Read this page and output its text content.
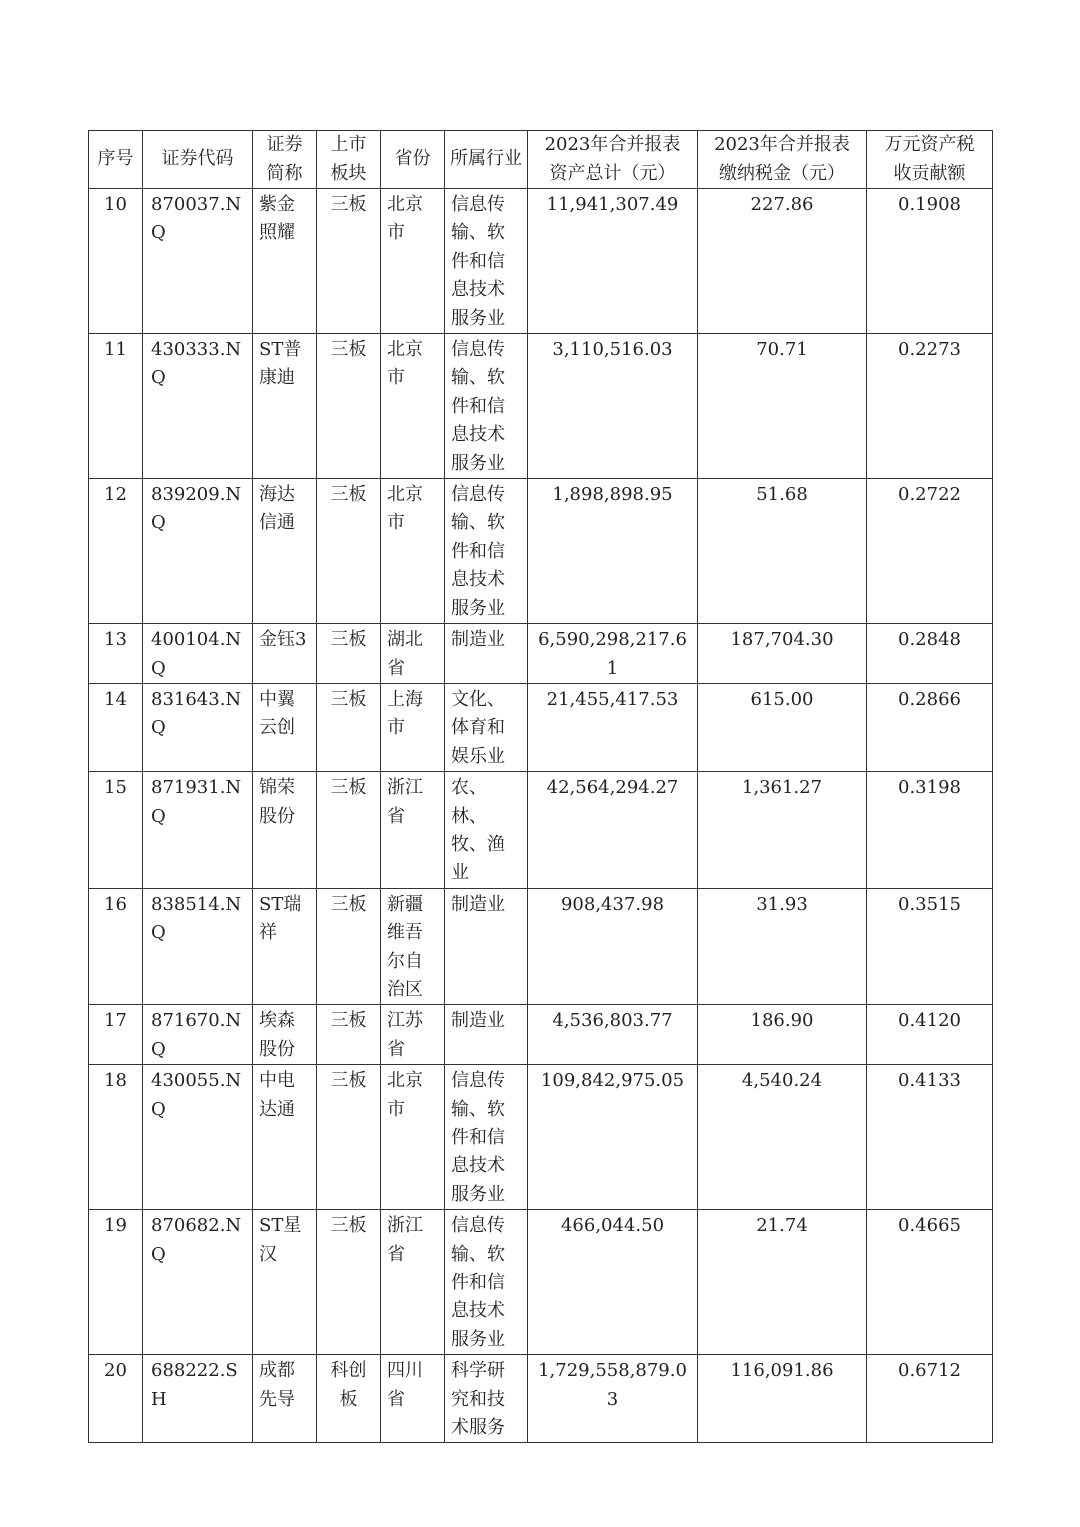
序号	证券代码	证券简称	上市板块	省份	所属行业	2023年合并报表资产总计（元）	2023年合并报表缴纳税金（元）	万元资产税收贡献额

10	870037.NQ	紫金照耀	三板	北京市	信息传输、软件和信息技术服务业	11,941,307.49	227.86	0.1908

11	430333.NQ	ST普康迪	三板	北京市	信息传输、软件和信息技术服务业	3,110,516.03	70.71	0.2273

12	839209.NQ	海达信通	三板	北京市	信息传输、软件和信息技术服务业	1,898,898.95	51.68	0.2722

13	400104.NQ	金钰3	三板	湖北省	制造业	6,590,298,217.61	187,704.30	0.2848

14	831643.NQ	中翼云创	三板	上海市	文化、体育和娱乐业	21,455,417.53	615.00	0.2866

15	871931.NQ	锦荣股份	三板	浙江省	农、林、牧、渔业	42,564,294.27	1,361.27	0.3198

16	838514.NQ	ST瑞祥	三板	新疆维吾尔自治区	制造业	908,437.98	31.93	0.3515

17	871670.NQ	埃森股份	三板	江苏省	制造业	4,536,803.77	186.90	0.4120

18	430055.NQ	中电达通	三板	北京市	信息传输、软件和信息技术服务业	109,842,975.05	4,540.24	0.4133

19	870682.NQ	ST星汉	三板	浙江省	信息传输、软件和信息技术服务业	466,044.50	21.74	0.4665

20	688222.SH	成都先导	科创板	四川省	科学研究和技术服务	1,729,558,879.03	116,091.86	0.6712
